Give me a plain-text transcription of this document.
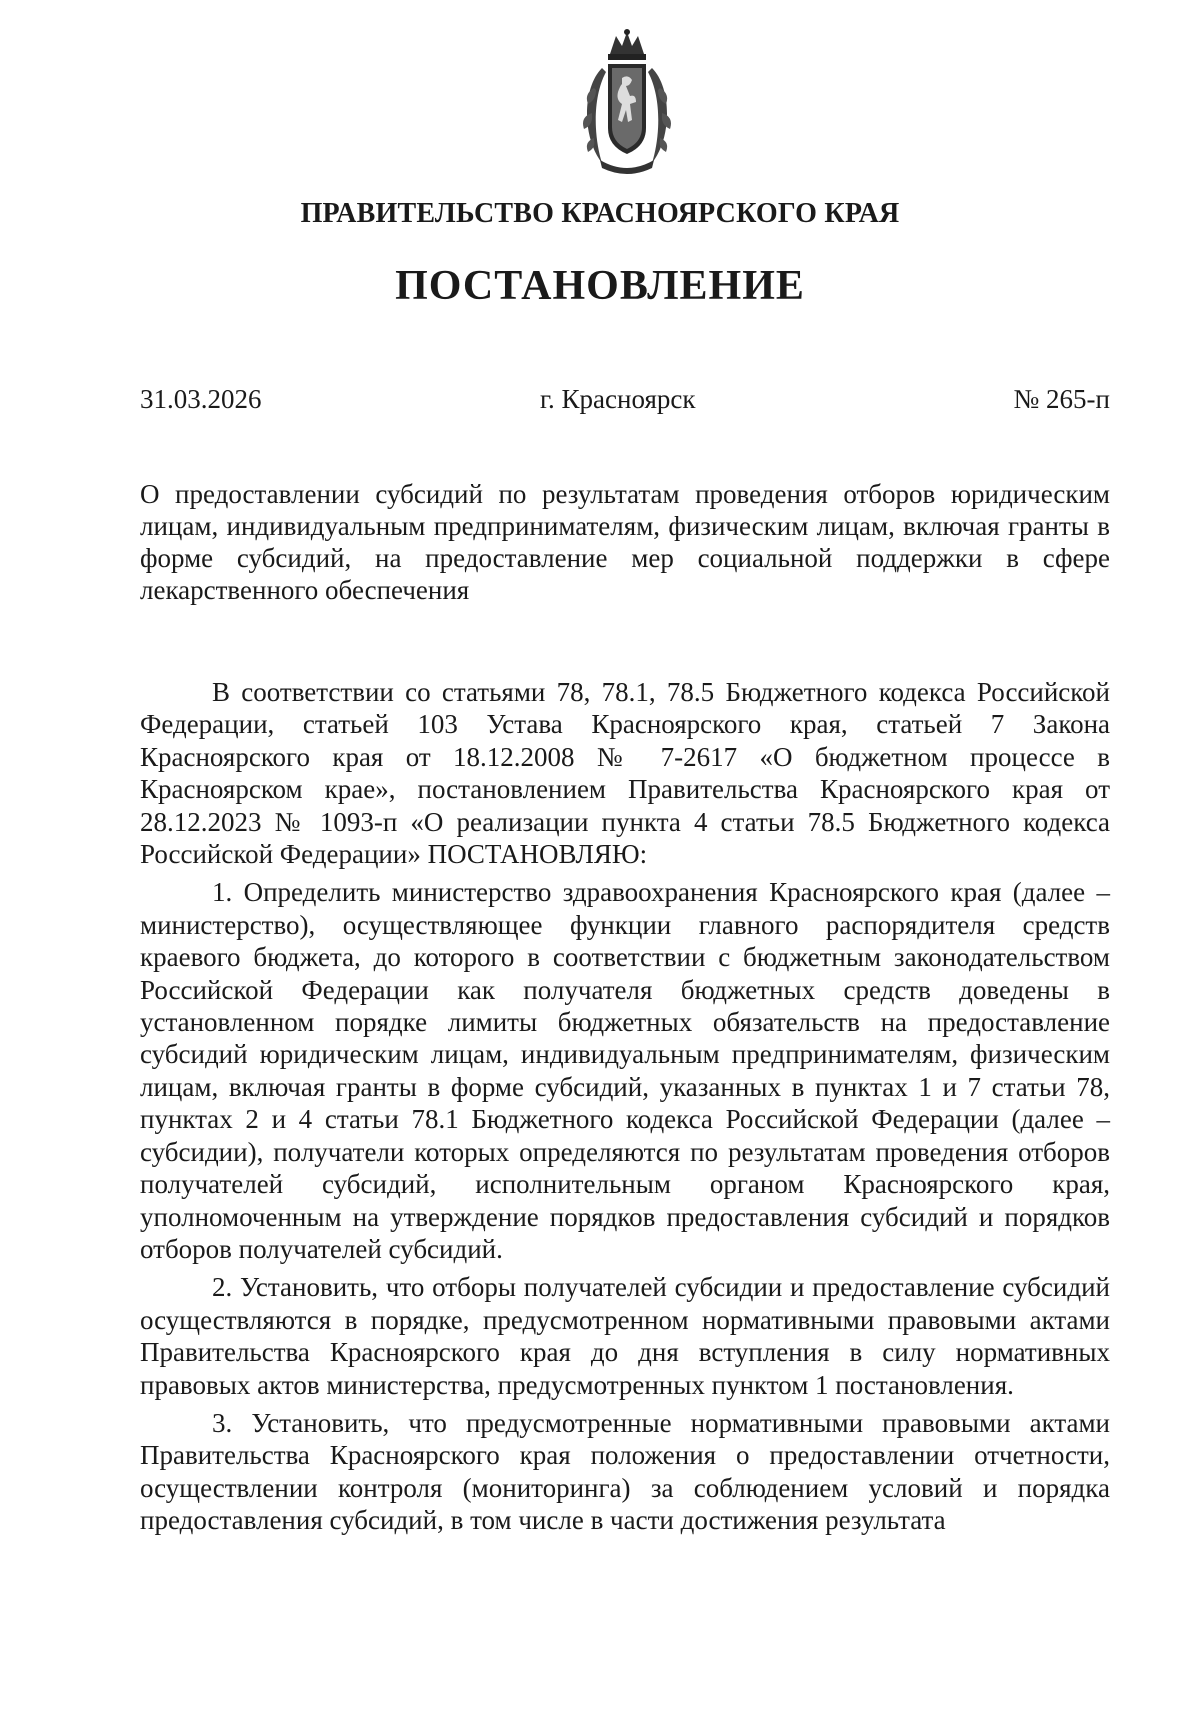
ПРАВИТЕЛЬСТВО КРАСНОЯРСКОГО КРАЯ
ПОСТАНОВЛЕНИЕ
31.03.2026	г. Красноярск	№ 265-п
О предоставлении субсидий по результатам проведения отборов юридическим лицам, индивидуальным предпринимателям, физическим лицам, включая гранты в форме субсидий, на предоставление мер социальной поддержки в сфере лекарственного обеспечения

В соответствии со статьями 78, 78.1, 78.5 Бюджетного кодекса Российской Федерации, статьей 103 Устава Красноярского края, статьей 7 Закона Красноярского края от 18.12.2008 № 7-2617 «О бюджетном процессе в Красноярском крае», постановлением Правительства Красноярского края от 28.12.2023 № 1093-п «О реализации пункта 4 статьи 78.5 Бюджетного кодекса Российской Федерации» ПОСТАНОВЛЯЮ:

1. Определить министерство здравоохранения Красноярского края (далее – министерство), осуществляющее функции главного распорядителя средств краевого бюджета, до которого в соответствии с бюджетным законодательством Российской Федерации как получателя бюджетных средств доведены в установленном порядке лимиты бюджетных обязательств на предоставление субсидий юридическим лицам, индивидуальным предпринимателям, физическим лицам, включая гранты в форме субсидий, указанных в пунктах 1 и 7 статьи 78, пунктах 2 и 4 статьи 78.1 Бюджетного кодекса Российской Федерации (далее – субсидии), получатели которых определяются по результатам проведения отборов получателей субсидий, исполнительным органом Красноярского края, уполномоченным на утверждение порядков предоставления субсидий и порядков отборов получателей субсидий.

2. Установить, что отборы получателей субсидии и предоставление субсидий осуществляются в порядке, предусмотренном нормативными правовыми актами Правительства Красноярского края до дня вступления в силу нормативных правовых актов министерства, предусмотренных пунктом 1 постановления.

3. Установить, что предусмотренные нормативными правовыми актами Правительства Красноярского края положения о предоставлении отчетности, осуществлении контроля (мониторинга) за соблюдением условий и порядка предоставления субсидий, в том числе в части достижения результата
